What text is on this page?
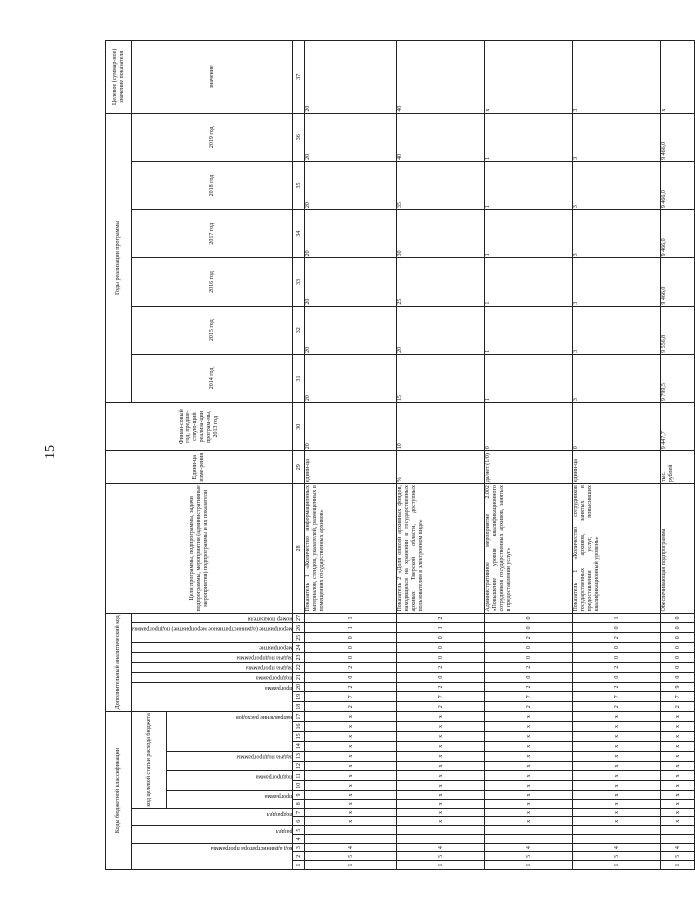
15
Коды бюджетной классификации																	Дополнительный аналитический код										Цели программы, подпрограммы, задачи подпрограммы, мероприятия (административные мероприятия) подпрограммы и их показатели	Едини-ца изме-рения	Финан-совый год, предше-ствую-щий реализа-ции програм-мы, 2013 год	Годы реализации программы						Целевое (суммар-ное) значение показателя
код администратора программы			раздел		подраздел		код целевой статьи расхода бюджета										программа			подпрограмма	задача программы	задача подпрограммы	мероприятие	мероприятие (административное мероприятие) подпрограммы		номер показателя				2014 год	2015 год	2016 год	2017 год	2018 год	2019 год	значение
							программа		подпрограмма		задача подпрограммы		направление расходов																							
1	2	3	4	5	6	7	8	9	10	11	12	13	14	15	16	17	18	19	20	21	22	23	24	25	26	27	28	29	30	31	32	33	34	35	36	37
1	5	4			x	x	x	x	x	x	x	x	x	x	x	x	2	7	2	0	2	0	0	0	1	1	Показатель 1 «Количество информационных материалов, стендов, указателей, размещенных в помещениях государственных архивов»	едини-ца	20	20	20	20	20	20	20	20
1	5	4			x	x	x	x	x	x	x	x	x	x	x	x	2	7	2	0	2	0	0	0	1	2	Показатель 2 «Доля описей архивных фондов, находящихся на хранении в государственных архивах Тверской области, доступных пользователям в электронном виде»	%	10	15	20	25	30	35	40	40
1	5	4			x	x	x	x	x	x	x	x	x	x	x	x	2	7	2	0	2	0	0	2	0	0	Административное мероприятие 2.002 «Повышение уровня квалификационного сотрудников государственных архивов, занятых в предоставлении услуг»	да/нет (1/0)	0	1	1	1	1	1	1	x
1	5	4			x	x	x	x	x	x	x	x	x	x	x	x	2	7	2	0	2	0	0	2	0	1	Показатель 1 «Количество сотрудников государственных архивов, занятых в предоставлении услуг, повысивших квалификационный уровень»	едини-ца	0	3	3	3	3	3	3	3
1	5	4			x	x	x	x	x	x	x	x	x	x	x	x	2	7	9	0	0	0	0	0	0	0	Обеспечивающая подпрограмма	тыс. рублей	9 447,7	9 799,5	9 556,8	9 466,0	9 466,0	9 466,0	9 466,0	x
